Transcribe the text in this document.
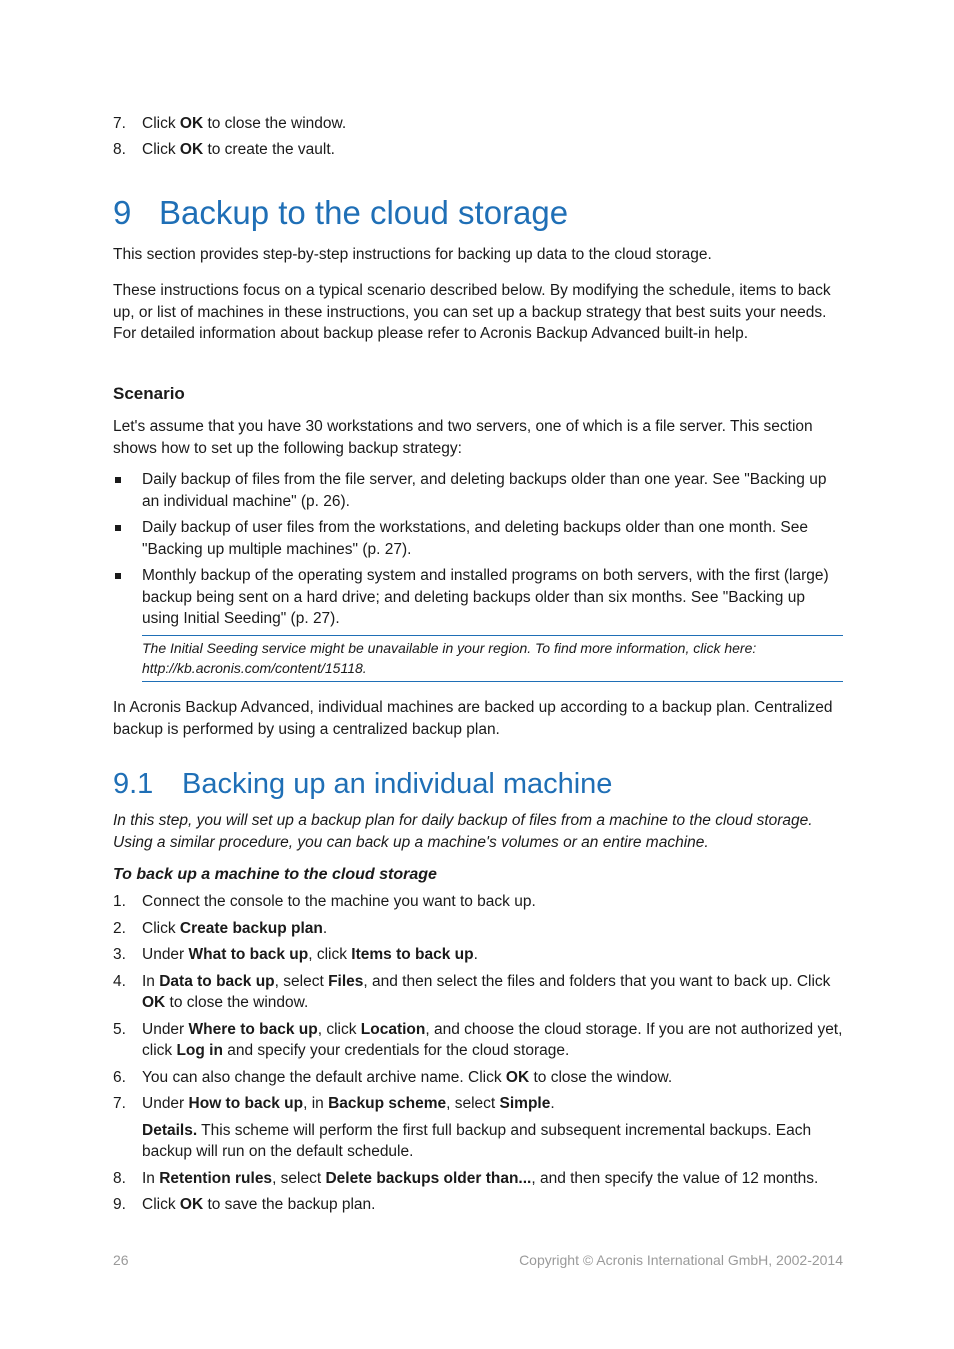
7. Click OK to close the window.
8. Click OK to create the vault.
9 Backup to the cloud storage

This section provides step-by-step instructions for backing up data to the cloud storage.

These instructions focus on a typical scenario described below. By modifying the schedule, items to back up, or list of machines in these instructions, you can set up a backup strategy that best suits your needs. For detailed information about backup please refer to Acronis Backup Advanced built-in help.

Scenario

Let's assume that you have 30 workstations and two servers, one of which is a file server. This section shows how to set up the following backup strategy:

Daily backup of files from the file server, and deleting backups older than one year. See "Backing up an individual machine" (p. 26).
Daily backup of user files from the workstations, and deleting backups older than one month. See "Backing up multiple machines" (p. 27).
Monthly backup of the operating system and installed programs on both servers, with the first (large) backup being sent on a hard drive; and deleting backups older than six months. See "Backing up using Initial Seeding" (p. 27).
The Initial Seeding service might be unavailable in your region. To find more information, click here: http://kb.acronis.com/content/15118.

In Acronis Backup Advanced, individual machines are backed up according to a backup plan. Centralized backup is performed by using a centralized backup plan.

9.1 Backing up an individual machine

In this step, you will set up a backup plan for daily backup of files from a machine to the cloud storage. Using a similar procedure, you can back up a machine's volumes or an entire machine.

To back up a machine to the cloud storage
1. Connect the console to the machine you want to back up.
2. Click Create backup plan.
3. Under What to back up, click Items to back up.
4. In Data to back up, select Files, and then select the files and folders that you want to back up. Click OK to close the window.
5. Under Where to back up, click Location, and choose the cloud storage. If you are not authorized yet, click Log in and specify your credentials for the cloud storage.
6. You can also change the default archive name. Click OK to close the window.
7. Under How to back up, in Backup scheme, select Simple.
Details. This scheme will perform the first full backup and subsequent incremental backups. Each backup will run on the default schedule.
8. In Retention rules, select Delete backups older than..., and then specify the value of 12 months.
9. Click OK to save the backup plan.
26	Copyright © Acronis International GmbH, 2002-2014
